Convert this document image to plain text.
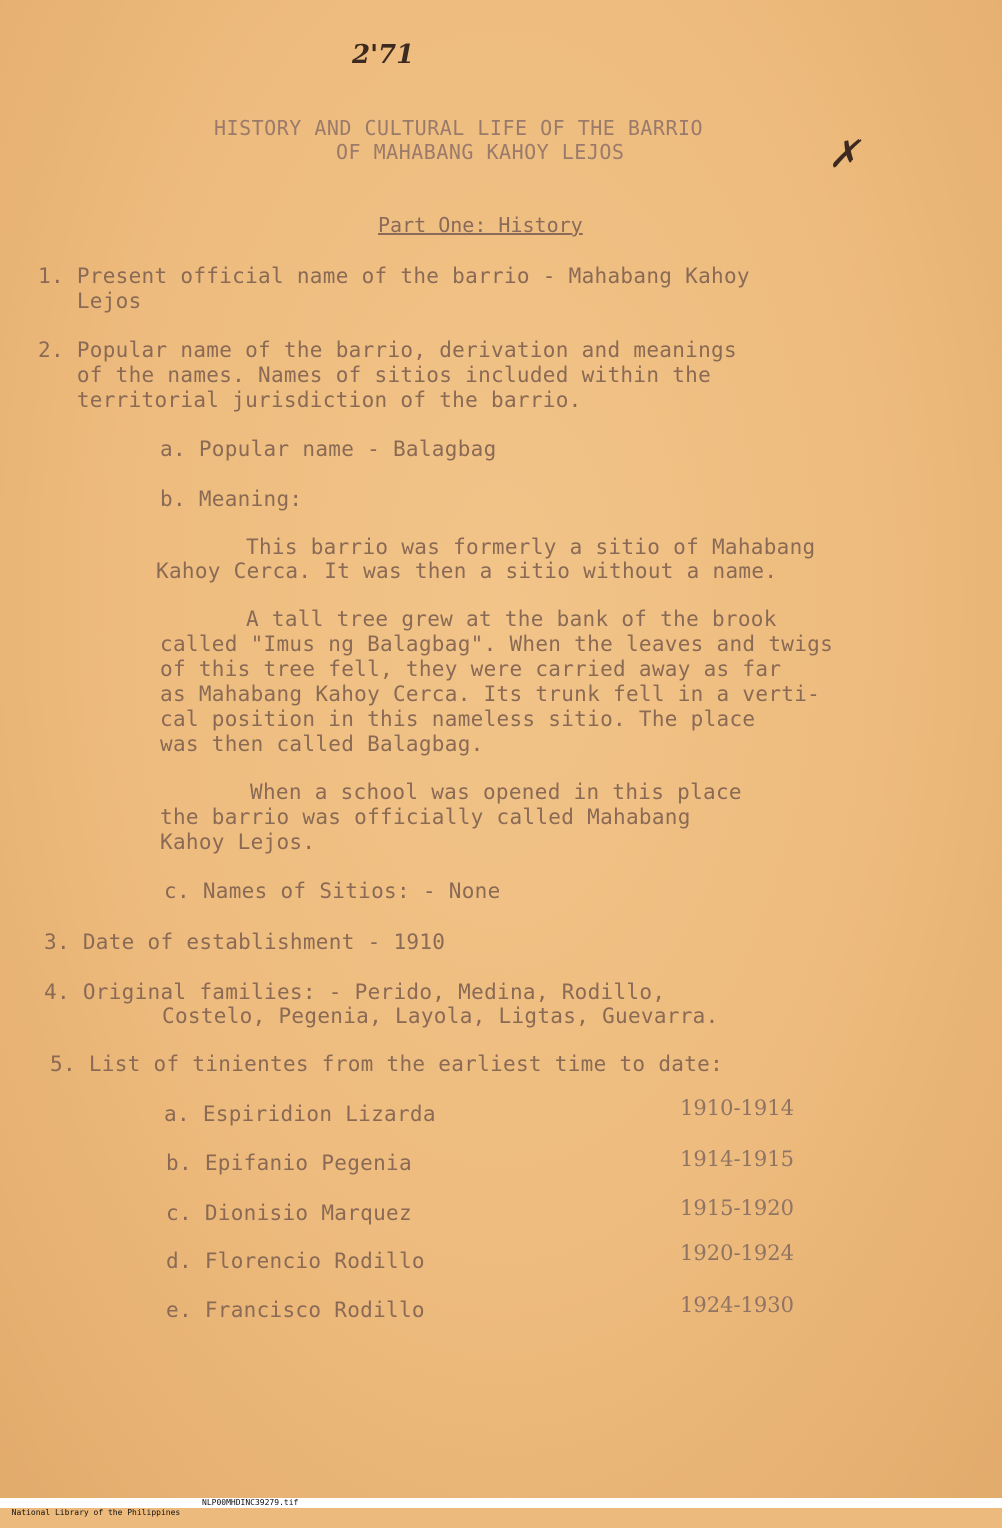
2'71
✗
HISTORY AND CULTURAL LIFE OF THE BARRIO
OF MAHABANG KAHOY LEJOS
Part One: History
1. Present official name of the barrio - Mahabang Kahoy
Lejos
2. Popular name of the barrio, derivation and meanings
of the names. Names of sitios included within the
territorial jurisdiction of the barrio.
a. Popular name - Balagbag
b. Meaning:
This barrio was formerly a sitio of Mahabang
Kahoy Cerca. It was then a sitio without a name.
A tall tree grew at the bank of the brook
called "Imus ng Balagbag". When the leaves and twigs
of this tree fell, they were carried away as far
as Mahabang Kahoy Cerca. Its trunk fell in a verti-
cal position in this nameless sitio. The place
was then called Balagbag.
When a school was opened in this place
the barrio was officially called Mahabang
Kahoy Lejos.
c. Names of Sitios: - None
3. Date of establishment - 1910
4. Original families: - Perido, Medina, Rodillo,
Costelo, Pegenia, Layola, Ligtas, Guevarra.
5. List of tinientes from the earliest time to date:
a. Espiridion Lizarda	1910-1914
b. Epifanio Pegenia	1914-1915
c. Dionisio Marquez	1915-1920
d. Florencio Rodillo	1920-1924
e. Francisco Rodillo	1924-1930

National Library of the Philippines

NLP00MHDINC39279.tif
